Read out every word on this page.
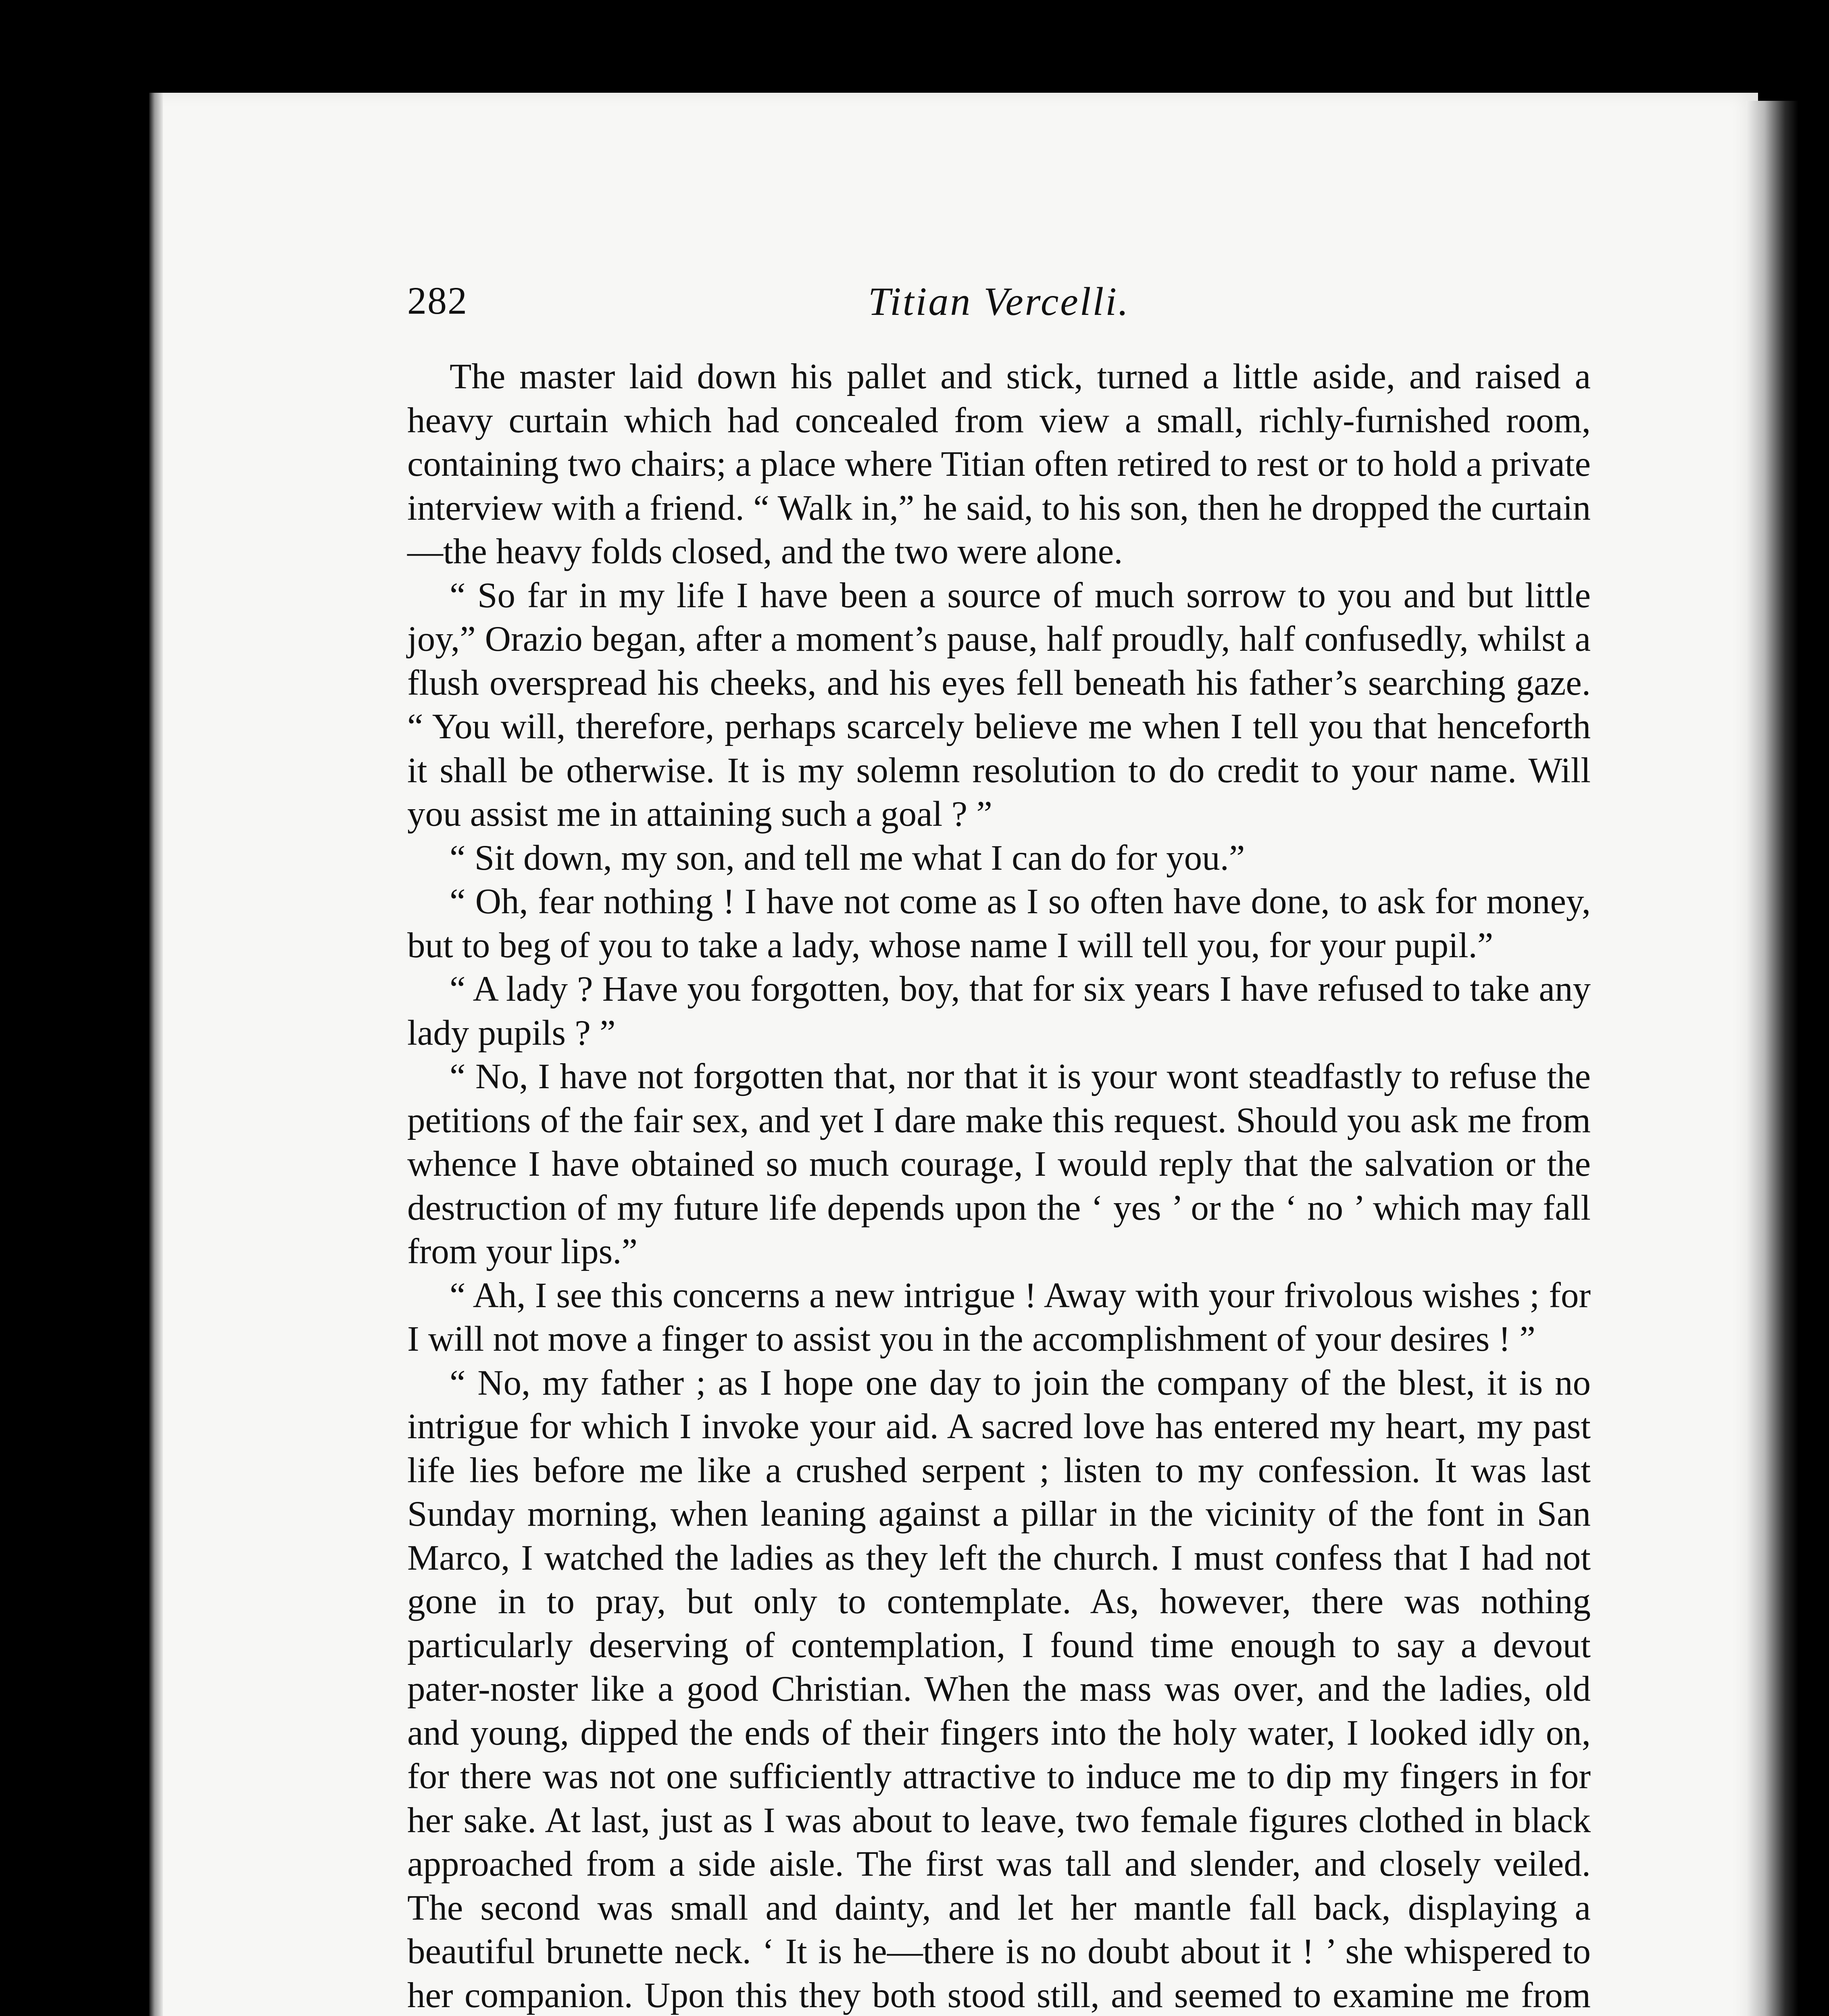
282	Titian Vercelli.

The master laid down his pallet and stick, turned a little aside, and raised a heavy curtain which had concealed from view a small, richly-furnished room, containing two chairs; a place where Titian often retired to rest or to hold a private interview with a friend. “ Walk in,” he said, to his son, then he dropped the curtain—the heavy folds closed, and the two were alone.

“ So far in my life I have been a source of much sorrow to you and but little joy,” Orazio began, after a moment’s pause, half proudly, half confusedly, whilst a flush overspread his cheeks, and his eyes fell beneath his father’s searching gaze. “ You will, therefore, perhaps scarcely believe me when I tell you that henceforth it shall be otherwise. It is my solemn resolution to do credit to your name. Will you assist me in attaining such a goal ? ”

“ Sit down, my son, and tell me what I can do for you.”

“ Oh, fear nothing ! I have not come as I so often have done, to ask for money, but to beg of you to take a lady, whose name I will tell you, for your pupil.”

“ A lady ? Have you forgotten, boy, that for six years I have refused to take any lady pupils ? ”

“ No, I have not forgotten that, nor that it is your wont steadfastly to refuse the petitions of the fair sex, and yet I dare make this request. Should you ask me from whence I have obtained so much courage, I would reply that the salvation or the destruction of my future life depends upon the ‘ yes ’ or the ‘ no ’ which may fall from your lips.”

“ Ah, I see this concerns a new intrigue ! Away with your frivolous wishes ; for I will not move a finger to assist you in the accomplishment of your desires ! ”

“ No, my father ; as I hope one day to join the company of the blest, it is no intrigue for which I invoke your aid. A sacred love has entered my heart, my past life lies before me like a crushed serpent ; listen to my confession. It was last Sunday morning, when leaning against a pillar in the vicinity of the font in San Marco, I watched the ladies as they left the church. I must confess that I had not gone in to pray, but only to contemplate. As, however, there was nothing particularly deserving of contemplation, I found time enough to say a devout pater-noster like a good Christian. When the mass was over, and the ladies, old and young, dipped the ends of their fingers into the holy water, I looked idly on, for there was not one sufficiently attractive to induce me to dip my fingers in for her sake. At last, just as I was about to leave, two female figures clothed in black approached from a side aisle. The first was tall and slender, and closely veiled. The second was small and dainty, and let her mantle fall back, displaying a beautiful brunette neck. ‘ It is he—there is no doubt about it ! ’ she whispered to her companion. Upon this they both stood still, and seemed to examine me from
